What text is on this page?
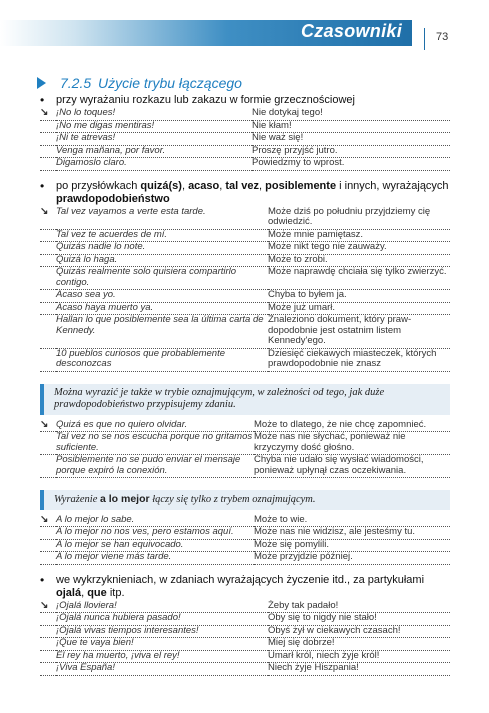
Czasowniki	73
7.2.5 Użycie trybu łączącego
• przy wyrażaniu rozkazu lub zakazu w formie grzecznościowej
↘	¡No lo toques!	Nie dotykaj tego!
	¡No me digas mentiras!	Nie kłam!
	¡Ni te atrevas!	Nie waż się!
	Venga mañana, por favor.	Proszę przyjść jutro.
	Digamoslo claro.	Powiedzmy to wprost.
• po przysłówkach quizá(s), acaso, tal vez, posiblemente i innych, wyrażających prawdopodobieństwo
↘	Tal vez vayamos a verte esta tarde.	Może dziś po południu przyjdziemy cię odwiedzić.
	Tal vez te acuerdes de mí.	Może mnie pamiętasz.
	Quizás nadie lo note.	Może nikt tego nie zauważy.
	Quizá lo haga.	Może to zrobi.
	Quizás realmente solo quisiera compartirlo contigo.	Może naprawdę chciała się tylko zwierzyć.
	Acaso sea yo.	Chyba to byłem ja.
	Acaso haya muerto ya.	Może już umarł.
	Hallan lo que posiblemente sea la última carta de Kennedy.	Znaleziono dokument, który prawdopodobnie jest ostatnim listem Kennedy'ego.
	10 pueblos curiosos que probablemente desconozcas	Dziesięć ciekawych miasteczek, których prawdopodobnie nie znasz
Można wyrazić je także w trybie oznajmującym, w zależności od tego, jak duże prawdopodobieństwo przypisujemy zdaniu.
↘	Quizá es que no quiero olvidar.	Może to dlatego, że nie chcę zapomnieć.
	Tal vez no se nos escucha porque no gritamos suficiente.	Może nas nie słychać, ponieważ nie krzyczymy dość głośno.
	Posiblemente no se pudo enviar el mensaje porque expiró la conexión.	Chyba nie udało się wysłać wiadomości, ponieważ upłynął czas oczekiwania.
Wyrażenie a lo mejor łączy się tylko z trybem oznajmującym.
↘	A lo mejor lo sabe.	Może to wie.
	A lo mejor no nos ves, pero estamos aquí.	Może nas nie widzisz, ale jesteśmy tu.
	A lo mejor se han equivocado.	Może się pomylili.
	A lo mejor viene más tarde.	Może przyjdzie później.
• we wykrzyknieniach, w zdaniach wyrażających życzenie itd., za partykułami ojalá, que itp.
↘	¡Ojalá lloviera!	Żeby tak padało!
	¡Ojalá nunca hubiera pasado!	Oby się to nigdy nie stało!
	¡Ojalá vivas tiempos interesantes!	Obyś żył w ciekawych czasach!
	¡Que te vaya bien!	Miej się dobrze!
	El rey ha muerto, ¡viva el rey!	Umarł król, niech żyje król!
	¡Viva España!	Niech żyje Hiszpania!
